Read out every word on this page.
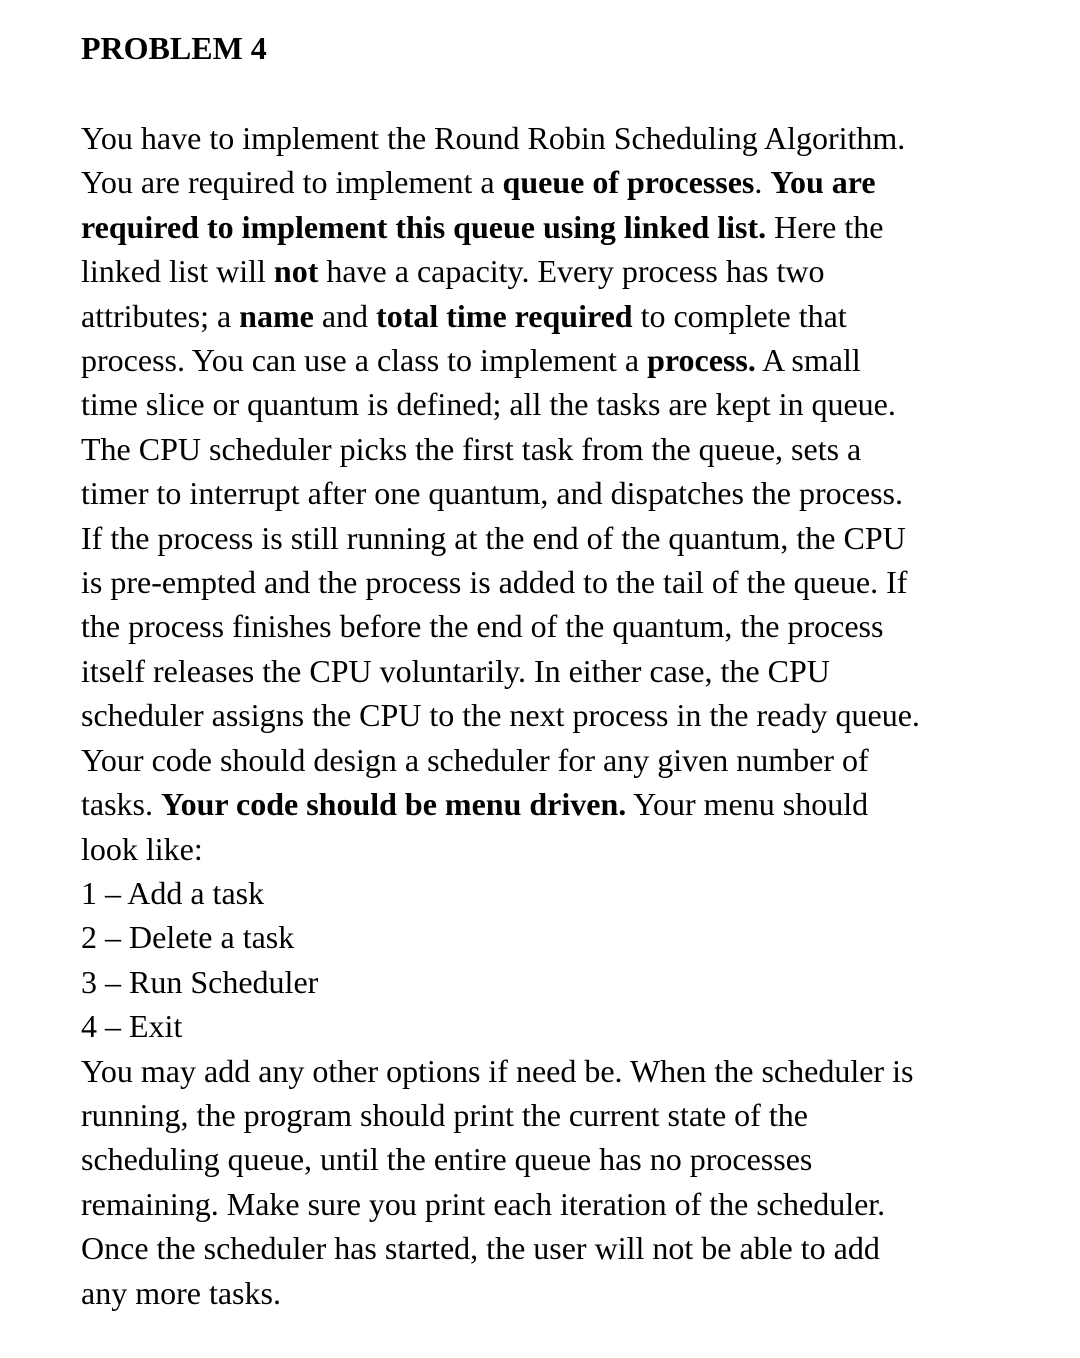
PROBLEM 4
You have to implement the Round Robin Scheduling Algorithm.
You are required to implement a queue of processes. You are
required to implement this queue using linked list. Here the
linked list will not have a capacity. Every process has two
attributes; a name and total time required to complete that
process. You can use a class to implement a process. A small
time slice or quantum is defined; all the tasks are kept in queue.
The CPU scheduler picks the first task from the queue, sets a
timer to interrupt after one quantum, and dispatches the process.
If the process is still running at the end of the quantum, the CPU
is pre-empted and the process is added to the tail of the queue. If
the process finishes before the end of the quantum, the process
itself releases the CPU voluntarily. In either case, the CPU
scheduler assigns the CPU to the next process in the ready queue.
Your code should design a scheduler for any given number of
tasks. Your code should be menu driven. Your menu should
look like:
1 – Add a task
2 – Delete a task
3 – Run Scheduler
4 – Exit
You may add any other options if need be. When the scheduler is
running, the program should print the current state of the
scheduling queue, until the entire queue has no processes
remaining. Make sure you print each iteration of the scheduler.
Once the scheduler has started, the user will not be able to add
any more tasks.
